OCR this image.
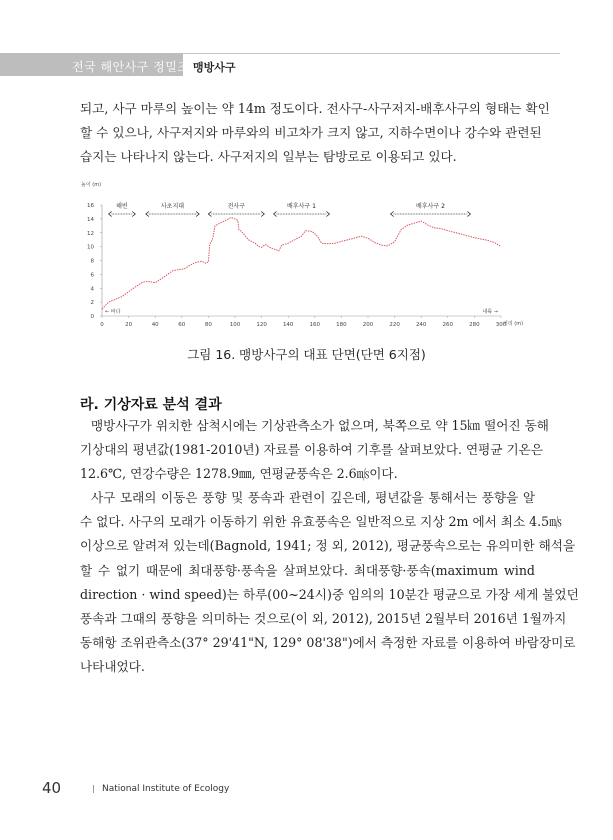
전국 해안사구 정밀조사
맹방사구
되고, 사구 마루의 높이는 약 14m 정도이다. 전사구-사구저지-배후사구의 형태는 확인
할 수 있으나, 사구저지와 마루와의 비고차가 크지 않고, 지하수면이나 강수와 관련된
습지는 나타나지 않는다. 사구저지의 일부는 탐방로로 이용되고 있다.
0	20	40	60	80	100	120	140	160	180	200	220	240	260	280	300
0
2
4
6
8
10
12
14
16	해빈	사초지대	전사구	배후사구 1	배후사구 2
높이 (m)
거리 (m)
← 바다	내륙 →
그림 16. 맹방사구의 대표 단면(단면 6지점)
라. 기상자료 분석 결과
맹방사구가 위치한 삼척시에는 기상관측소가 없으며, 북쪽으로 약 15㎞ 떨어진 동해
기상대의 평년값(1981-2010년) 자료를 이용하여 기후를 살펴보았다. 연평균 기온은
12.6℃, 연강수량은 1278.9㎜, 연평균풍속은 2.6㎧이다.
사구 모래의 이동은 풍향 및 풍속과 관련이 깊은데, 평년값을 통해서는 풍향을 알
수 없다. 사구의 모래가 이동하기 위한 유효풍속은 일반적으로 지상 2m 에서 최소 4.5㎧
이상으로 알려져 있는데(Bagnold, 1941; 정 외, 2012), 평균풍속으로는 유의미한 해석을
할 수 없기 때문에 최대풍향·풍속을 살펴보았다. 최대풍향·풍속(maximum wind
direction · wind speed)는 하루(00~24시)중 임의의 10분간 평균으로 가장 세게 불었던
풍속과 그때의 풍향을 의미하는 것으로(이 외, 2012), 2015년 2월부터 2016년 1월까지
동해항 조위관측소(37° 29'41"N, 129° 08'38")에서 측정한 자료를 이용하여 바람장미로
나타내었다.
40	National Institute of Ecology
